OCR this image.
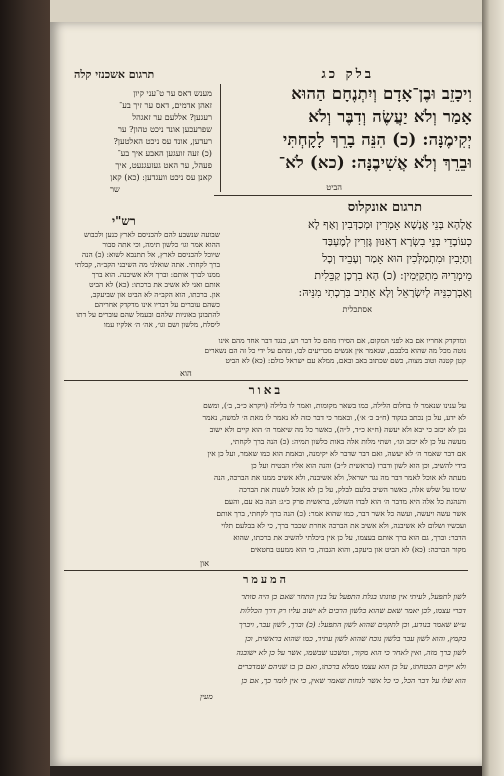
בלק כג
תרגום אשכנזי קלה
וִיכָזֵב וּבֶן־אָדָם וְיִתְנֶחָם הַהוּא
אָמַר וְלֹא יַעֲשֶׂה וְדִבֶּר וְלֹא
יְקִימֶנָּה: (כ) הִנֵּה בָרֵךְ לָקָחְתִּי
וּבֵרֵךְ וְלֹא אֲשִׁיבֶנָּה: (כא) לֹא־
הביט
מענש דאס ער ט־עני קיון
זאהן אדמים, דאס ער זיך בע־
רעגען? אללעם ער זאגהל
שפרעכען אונד ניכט טהון? ער
רעדען, אונד עס ניכט האלטען?
(כ) זעה זועגען האבע איך בע־
פעהל, ער האט געזעגנעט, איך
קאנן עס ניכט וועגדען: (כא) קאן
שר
תרגום אונקלוס
אֲלָהָא בְּנֵי אֱנָשָׁא אָמְרִין וּמְכַדְּבִין וְאַף לָא
כְעוֹבָדֵי בְּנֵי בִשְׂרָא דְאִנּוּן גָּזְרִין לְמֶעְבַּד
וְתָיְבִין וּמִתְמַלְּכִין הוּא אָמַר וְעָבֵיד וְכָל
מֵימְרֵיהּ מִתְקַיְּמִין: (כ) הָא בִרְכָן קַבֵּלִית
וְאַבְרְכִנֵּיהּ לְיִשְׂרָאֵל וְלָא אָתִיב בִּרְכְתִי מִנֵּיהּ:
אסתכלית
רש"י
שבועה שנשבע להם להכניסם לארץ כנען ולכבוש
ההוא אמר וגו׳ כלשון תימה, וכי אתה סבור
שיוכל להכניסם לארץ, אל תתנבא לשוא: (כ) הנה
ברך לקחתי. אתה שואלני מה השיבני הקב״ה, קבלתי
ממנו לברך אותם: וברך ולא אשיבנה. הוא ברך
אותם ואני לא אשיב את ברכתו: (כא) לא הביט
און. ברכתו, הוא הקב״ה לא הביט און שביעקב,
כשהם עוברים על דבריו אינו מדקדק אחריהם
להתבונן באוניות שלהם ובעמל שהם עוברים על דתו
ליסלח, מלשון ושם וגו׳, אה׳ ה׳ אלקיו עמו
ומדקדק אחריו אם בא לפני המקום, אם הסירו מהם כל דבר רע, כנגד דבר אחד מהם אינו
נוטה מכל מה שהוא בלבבם, שנאמר אין אנשים מכריעים לבו, ומהם על ידי כל זה הם נשארים
קטן קטנה וטוב מצוה, כשם שכתוב באב ובאם, ממלא עם ישראל כולם: (כא) לא הביט
הוא
באור
על ענינו שנאמר לו בחלום הלילה, כמו בשאר מקומות, ואמר לו בלילה (ויקרא כ״ב, ב׳), ומשם
לא ידע, על כן נכתב בנקוד (ח״ב כ׳ א׳), ובאמר כי דבר כזה לא נאמר לו מאת ה׳ למשה, נאמר
נכן לא יכזב כי יבא ולא יעשה (ח״א כ״ד, ל״ה), כאשר כל מה שיאמר ה׳ הוא קיים ולא ישוב
מעשה על כן לא יכזב וגו׳, ושתי מלות אלה באות כלשון תמיה: (כ) הנה ברך לקחתי,
אם דבר שאמר ה׳ לא יעשה, ואם דבר שדבר לא יקימנה, ובאמת הוא כמו שאמר, ועל כן אין
בידי להשיב, וכן הוא לשון ודברו (בראשית ל״ב) והנה הוא אליו הבטיח ועל כן
מעתה לא אוכל לאמר דבר מה נגד ישראל, ולא אשיבנה, ולא אשיב ממנו את הברכה, הנה
שימו על שלש אלה, כאשר השיב בלעם לבלק, על כן לא אוכל לשנות את הברכה
והנהגת כל אלה היא מדבר ה׳ הוא לבדו השולט, בראשית פרק כ״ג: הנה בא עם, והעם
אשר עשה ויעשה, ועשה כל אשר דבר, כמו שהוא אמר: (כ) הנה ברך לקחתי, ברך אותם
ועכשיו ושלום לא אשיבנה, ולא אשיב את הברכה אחרת שכבר ברך, כי לא בבלעם תלוי
הדבר: וברך, גם הוא ברך אותם בעצמו, על כן אין ביכלתי להשיב את ברכתו, שהוא
מקור הברכה: (כא) לא הביט און ביעקב, והוא הגבוה, כי הוא ממעט בחטאים
און
המעמר
לשון לתפעל, לעיתי אין פוונתו בנלת התפעל על בנין התחר שאם כן היה סותר
דברי עצמו, לכן יאמר שאם שהוא בלשון הרבים לא ישוב עליו רק דרך הכללות
ע״ש שאמר בנודע, וכן לתקנים שהוא לשון התפעל: (כ) וברך, לשון עבר, ויברך
בקמץ, והוא לשון עבר בלשון נוכח שהוא לשון עתיד, כמו שהוא בראשית, וכן
לשון ברך מזה, ואין לאחר כי הוא מקור, ומשכנו שבשמו, אשר על כן לא ישובנה
ולא יקיים הבטחתו, על כן הוא עצמו ממלא ברכתו, ואם כן בו שניהם שמדברים
הוא שלו על דבר הכל, כי כל אשר לנחות שאמר שאין, כי אין לומר כך, אם כן
מעין
